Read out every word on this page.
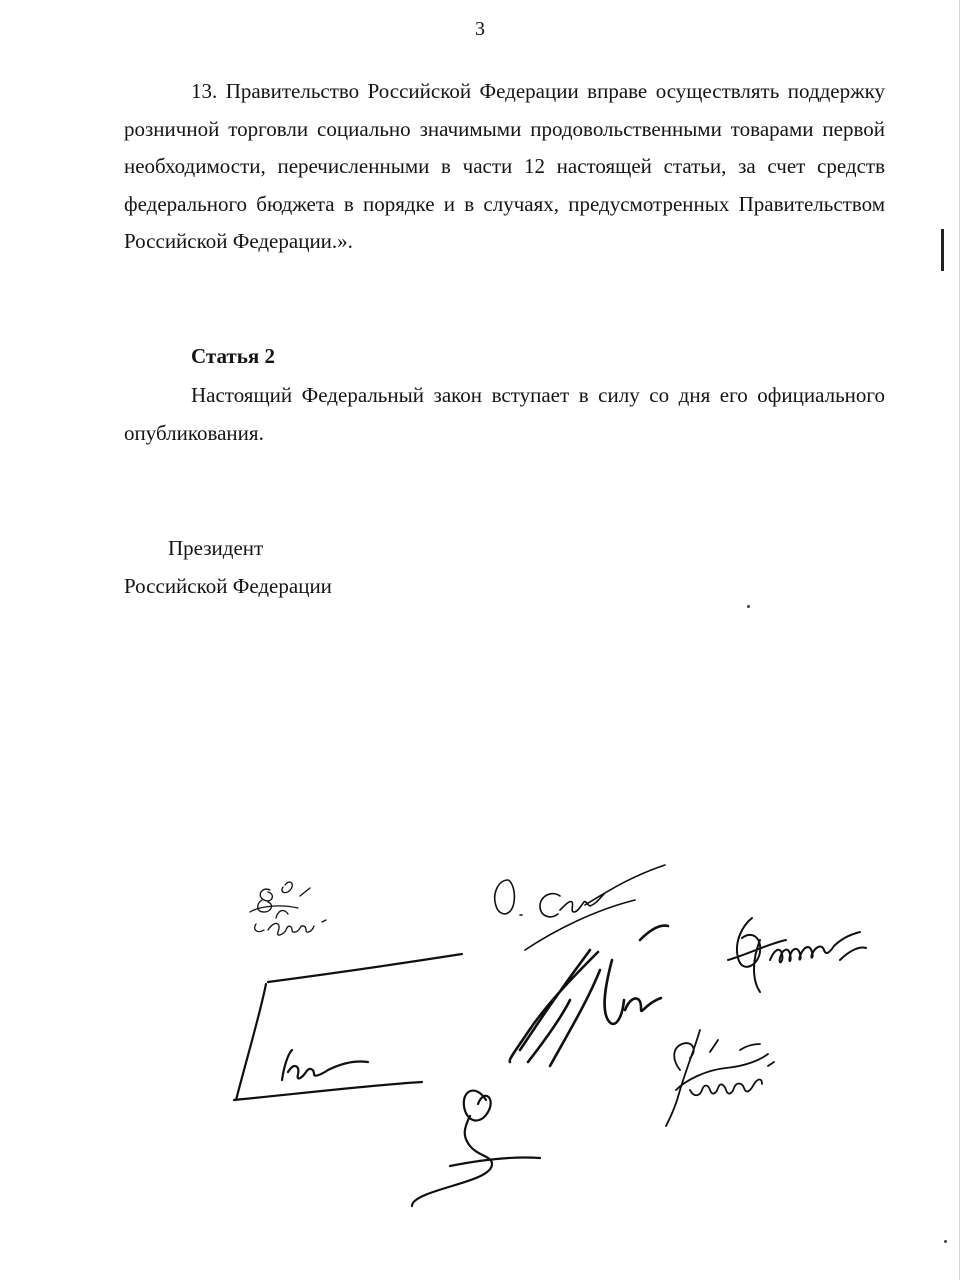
3

13. Правительство Российской Федерации вправе осуществлять поддержку розничной торговли социально значимыми продовольственными товарами первой необходимости, перечисленными в части 12 настоящей статьи, за счет средств федерального бюджета в порядке и в случаях, предусмотренных Правительством Российской Федерации.».

Статья 2

Настоящий Федеральный закон вступает в силу со дня его официального опубликования.

Президент
Российской Федерации
